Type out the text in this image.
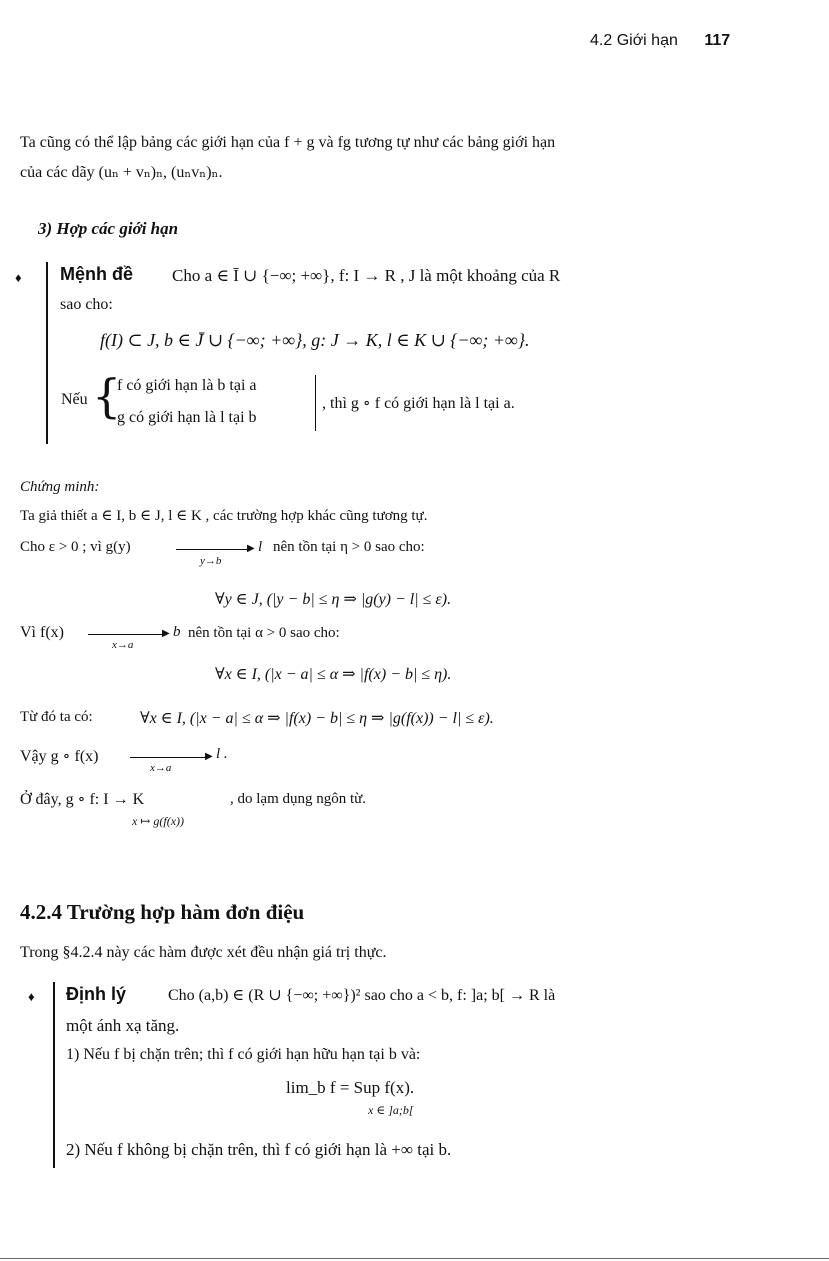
4.2 Giới hạn 117
Ta cũng có thể lập bảng các giới hạn của f + g và fg tương tự như các bảng giới hạn
của các dãy (uₙ + vₙ)ₙ, (uₙvₙ)ₙ.
3) Hợp các giới hạn
♦ Mệnh đề Cho a ∈ Ī ∪ {−∞; +∞}, f: I → R , J là một khoảng của R
sao cho:
f(I) ⊂ J, b ∈ J̄ ∪ {−∞; +∞}, g: J → K, l ∈ K ∪ {−∞; +∞}.
Nếu {
f có giới hạn là b tại a
g có giới hạn là l tại b
, thì g ∘ f có giới hạn là l tại a.
Chứng minh:
Ta giả thiết a ∈ I, b ∈ J, l ∈ K , các trường hợp khác cũng tương tự.
Cho ε > 0 ; vì g(y)	▶
y→b
l nên tồn tại η > 0 sao cho:
∀y ∈ J, (|y − b| ≤ η ⇒ |g(y) − l| ≤ ε).
Vì f(x)	▶
x→a
b nên tồn tại α > 0 sao cho:
∀x ∈ I, (|x − a| ≤ α ⇒ |f(x) − b| ≤ η).
Từ đó ta có:	∀x ∈ I, (|x − a| ≤ α ⇒ |f(x) − b| ≤ η ⇒ |g(f(x)) − l| ≤ ε).
Vậy g ∘ f(x)	▶
x→a
l .
Ở đây, g ∘ f: I → K	, do lạm dụng ngôn từ.
x ↦ g(f(x))
4.2.4 Trường hợp hàm đơn điệu
Trong §4.2.4 này các hàm được xét đều nhận giá trị thực.
♦ Định lý	Cho (a,b) ∈ (R ∪ {−∞; +∞})² sao cho a < b, f: ]a; b[ → R là
một ánh xạ tăng.
1) Nếu f bị chặn trên; thì f có giới hạn hữu hạn tại b và:
lim_b f = Sup f(x).
x ∈ ]a;b[
2) Nếu f không bị chặn trên, thì f có giới hạn là +∞ tại b.
